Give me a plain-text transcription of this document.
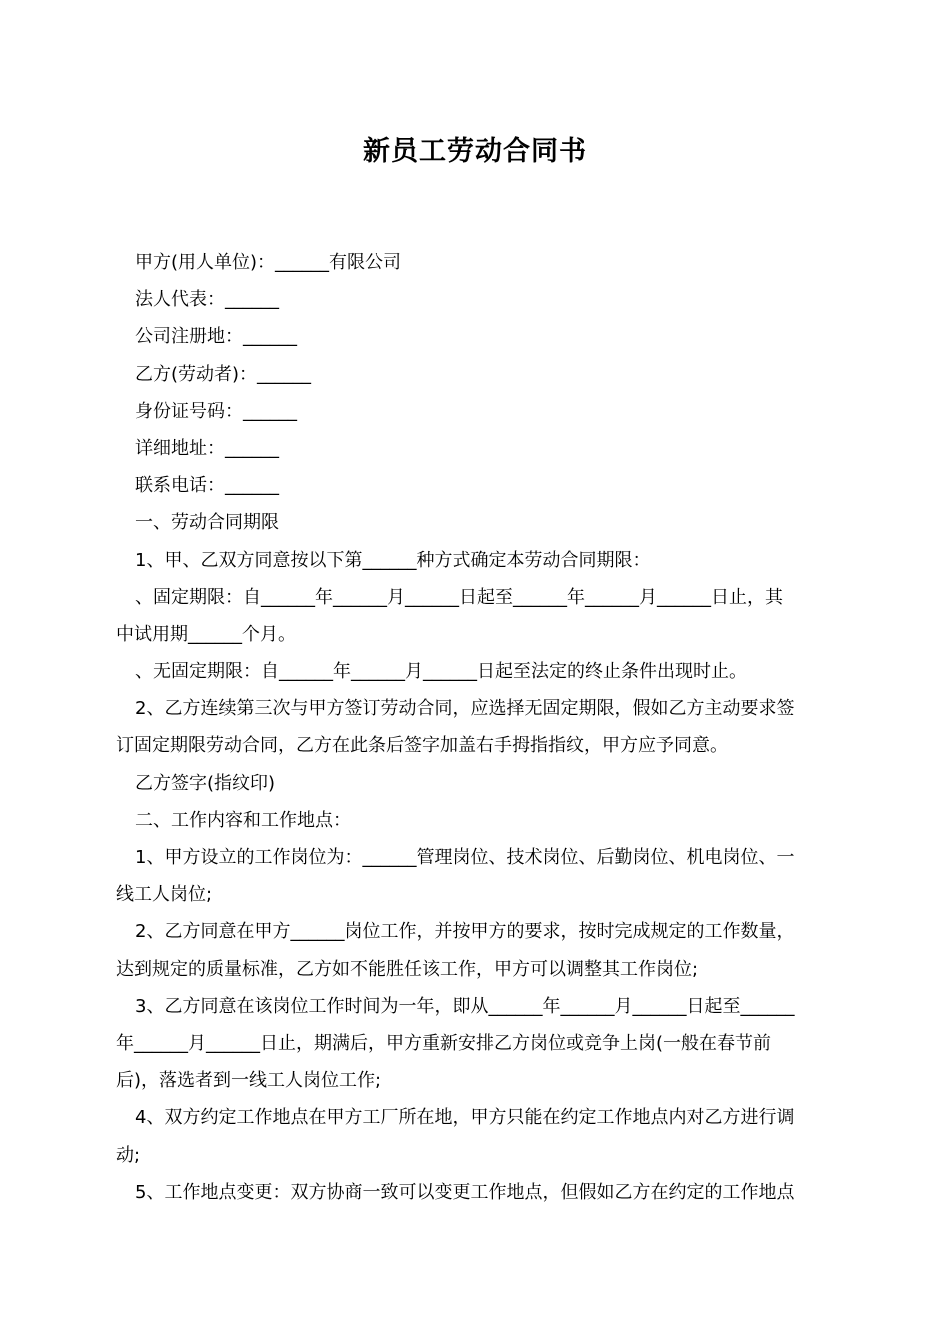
新员工劳动合同书
甲方(用人单位)：______有限公司
法人代表：______
公司注册地：______
乙方(劳动者)：______
身份证号码：______
详细地址：______
联系电话：______
一、劳动合同期限
1、甲、乙双方同意按以下第______种方式确定本劳动合同期限：
、固定期限：自______年______月______日起至______年______月______日止，其
中试用期______个月。
、无固定期限：自______年______月______日起至法定的终止条件出现时止。
2、乙方连续第三次与甲方签订劳动合同，应选择无固定期限，假如乙方主动要求签
订固定期限劳动合同，乙方在此条后签字加盖右手拇指指纹，甲方应予同意。
乙方签字(指纹印)
二、工作内容和工作地点：
1、甲方设立的工作岗位为：______管理岗位、技术岗位、后勤岗位、机电岗位、一
线工人岗位;
2、乙方同意在甲方______岗位工作，并按甲方的要求，按时完成规定的工作数量，
达到规定的质量标准，乙方如不能胜任该工作，甲方可以调整其工作岗位;
3、乙方同意在该岗位工作时间为一年，即从______年______月______日起至______
年______月______日止，期满后，甲方重新安排乙方岗位或竞争上岗(一般在春节前
后)，落选者到一线工人岗位工作;
4、双方约定工作地点在甲方工厂所在地，甲方只能在约定工作地点内对乙方进行调
动;
5、工作地点变更：双方协商一致可以变更工作地点，但假如乙方在约定的工作地点
